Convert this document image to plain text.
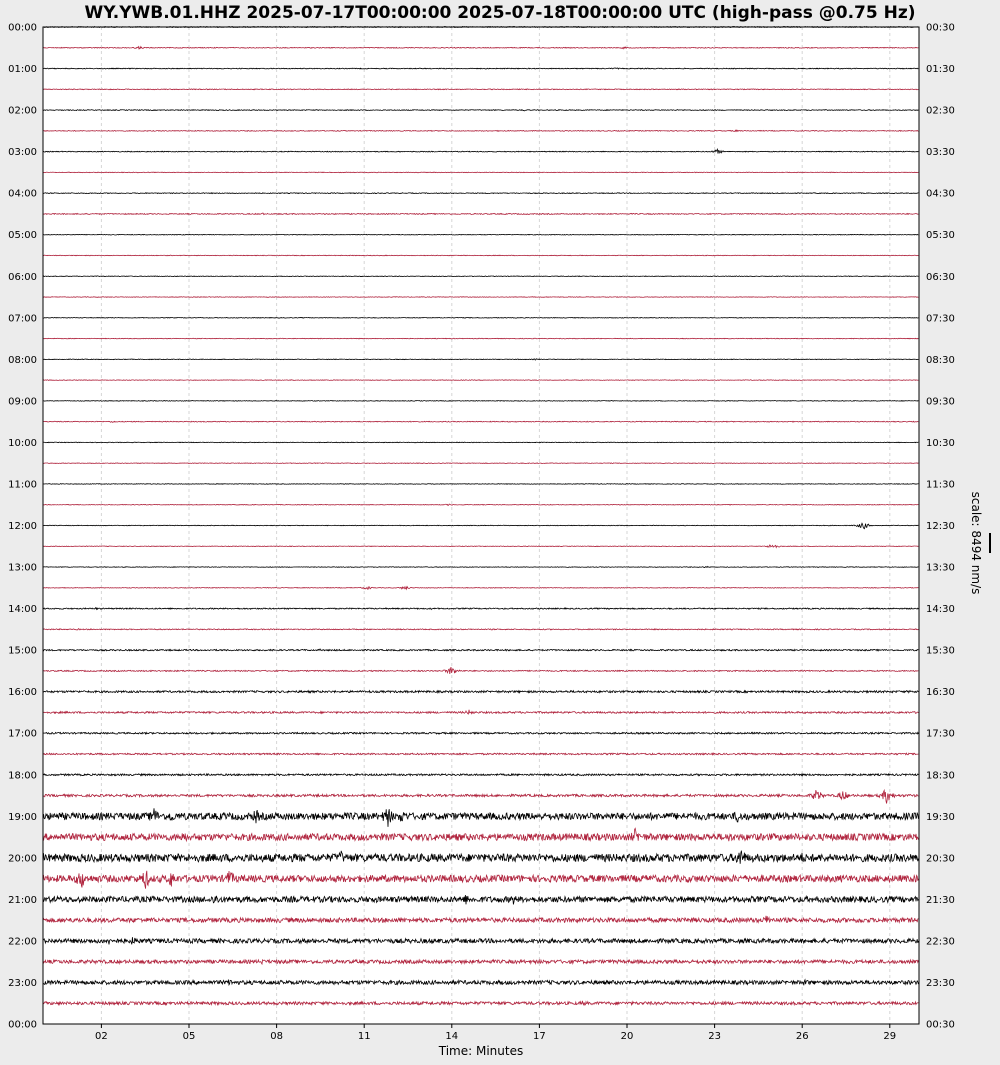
WY.YWB.01.HHZ 2025-07-17T00:00:00 2025-07-18T00:00:00 UTC (high-pass @0.75 Hz)
00:00
01:00
02:00
03:00
04:00
05:00
06:00
07:00
08:00
09:00
10:00
11:00
12:00
13:00
14:00
15:00
16:00
17:00
18:00
19:00
20:00
21:00
22:00
23:00
00:00
00:30
01:30
02:30
03:30
04:30
05:30
06:30
07:30
08:30
09:30
10:30
11:30
12:30
13:30
14:30
15:30
16:30
17:30
18:30
19:30
20:30
21:30
22:30
23:30
00:30
02	05	08	11	14	17	20	23	26	29
Time: Minutes
scale: 8494 nm/s
